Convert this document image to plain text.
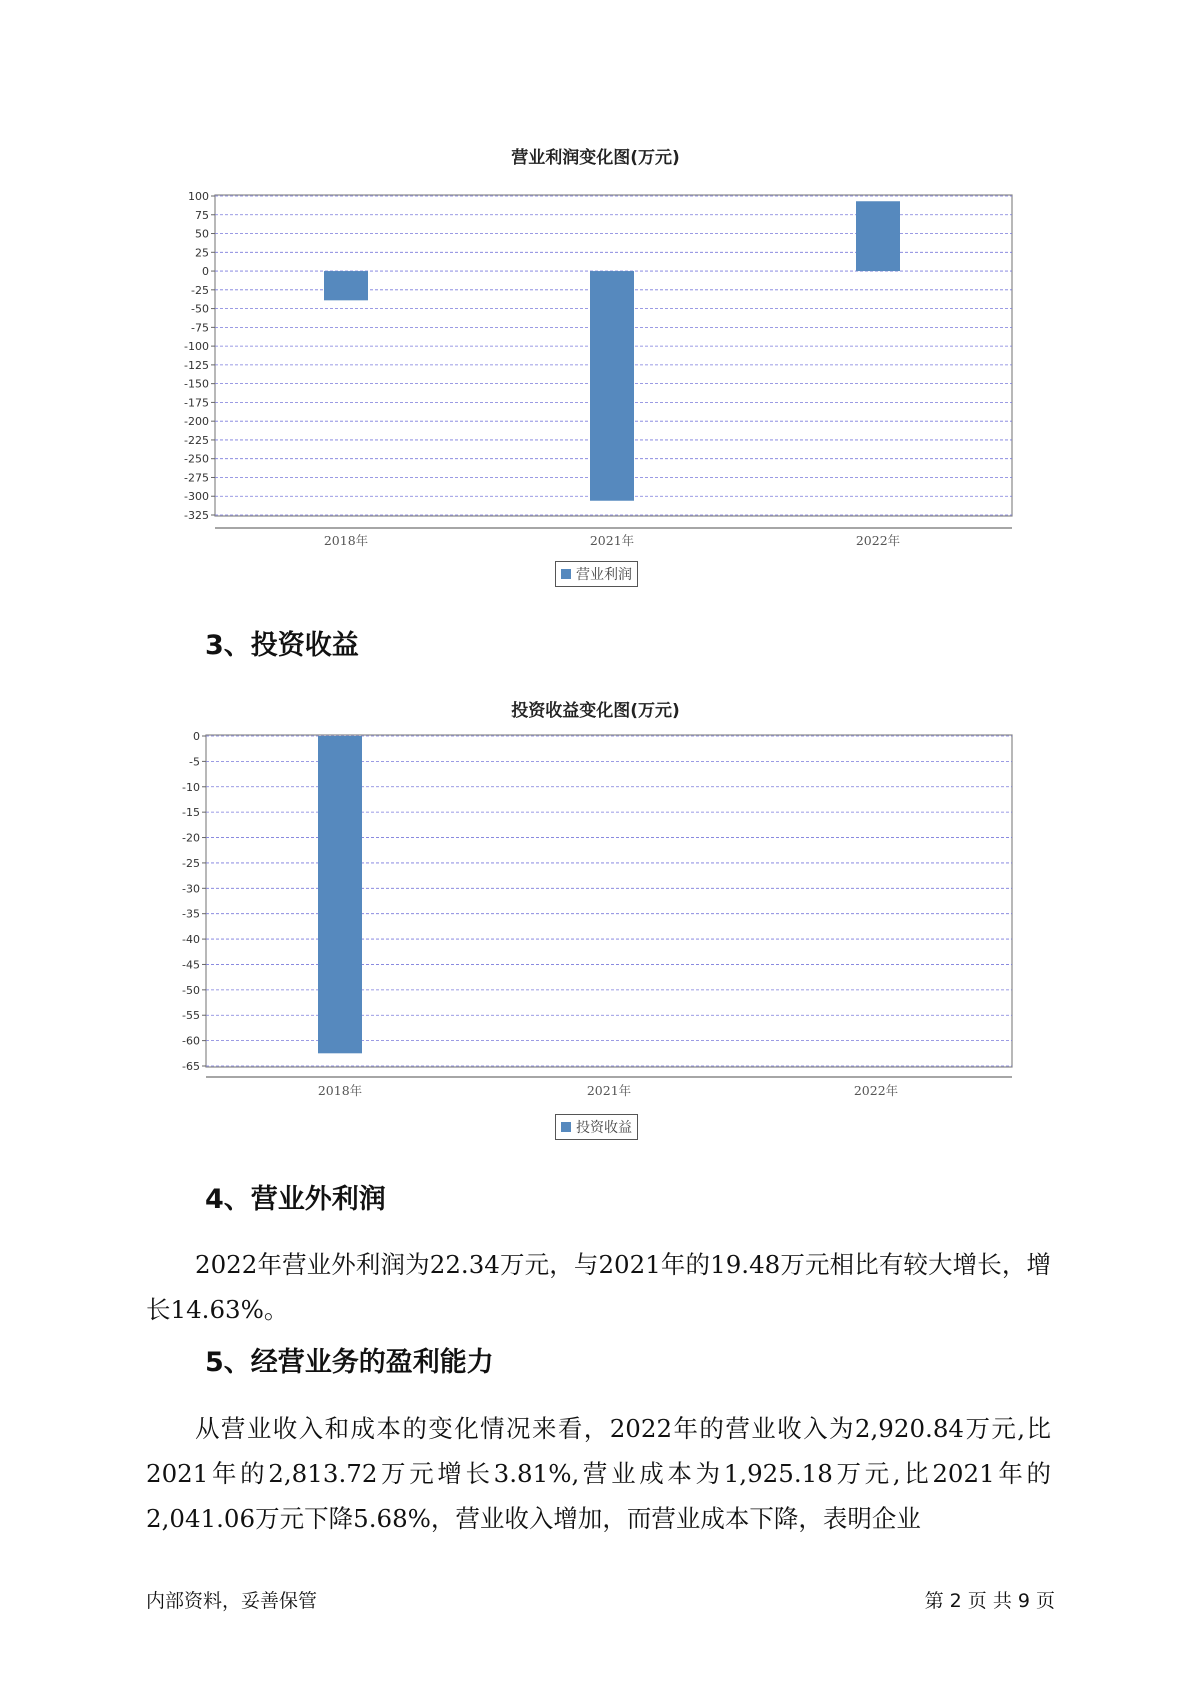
营业利润变化图(万元)
100
75
50
25
0
-25
-50
-75
-100
-125
-150
-175
-200
-225
-250
-275
-300
-325
2018年	2021年	2022年
营业利润
3、投资收益
投资收益变化图(万元)
0
-5
-10
-15
-20
-25
-30
-35
-40
-45
-50
-55
-60
-65
2018年	2021年	2022年
投资收益
4、营业外利润

2022年营业外利润为22.34万元，与2021年的19.48万元相比有较大增长，增长14.63%。

5、经营业务的盈利能力

从营业收入和成本的变化情况来看，2022年的营业收入为2,920.84万元,比2021年的2,813.72万元增长3.81%,营业成本为1,925.18万元,比2021年的2,041.06万元下降5.68%，营业收入增加，而营业成本下降，表明企业

内部资料，妥善保管	第 2 页 共 9 页
